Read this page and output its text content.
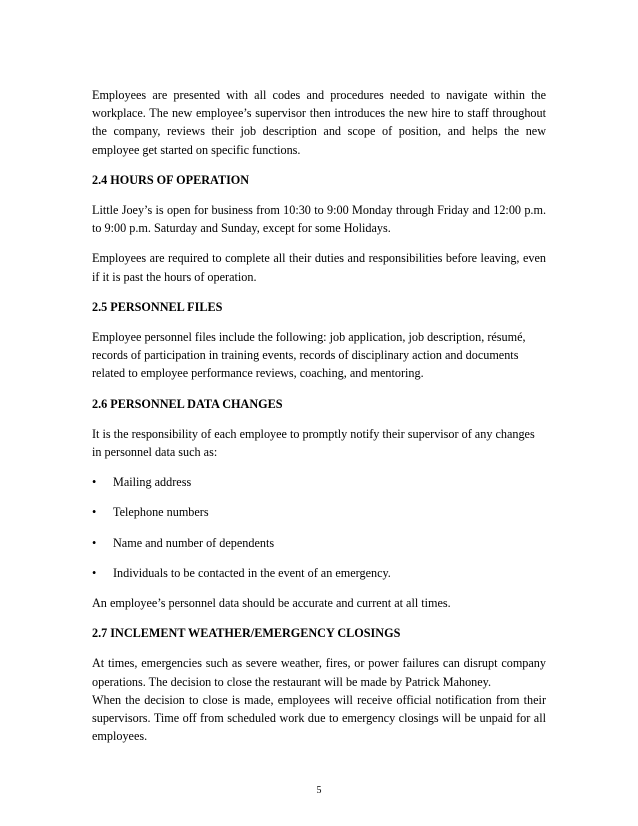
Employees are presented with all codes and procedures needed to navigate within the workplace. The new employee’s supervisor then introduces the new hire to staff throughout the company, reviews their job description and scope of position, and helps the new employee get started on specific functions.

2.4 HOURS OF OPERATION

Little Joey’s is open for business from 10:30 to 9:00 Monday through Friday and 12:00 p.m. to 9:00 p.m. Saturday and Sunday, except for some Holidays.

Employees are required to complete all their duties and responsibilities before leaving, even if it is past the hours of operation.

2.5 PERSONNEL FILES

Employee personnel files include the following: job application, job description, résumé, records of participation in training events, records of disciplinary action and documents related to employee performance reviews, coaching, and mentoring.

2.6 PERSONNEL DATA CHANGES

It is the responsibility of each employee to promptly notify their supervisor of any changes in personnel data such as:

• Mailing address
• Telephone numbers
• Name and number of dependents
• Individuals to be contacted in the event of an emergency.

An employee’s personnel data should be accurate and current at all times.

2.7 INCLEMENT WEATHER/EMERGENCY CLOSINGS

At times, emergencies such as severe weather, fires, or power failures can disrupt company operations. The decision to close the restaurant will be made by Patrick Mahoney.

When the decision to close is made, employees will receive official notification from their supervisors. Time off from scheduled work due to emergency closings will be unpaid for all employees.

5
